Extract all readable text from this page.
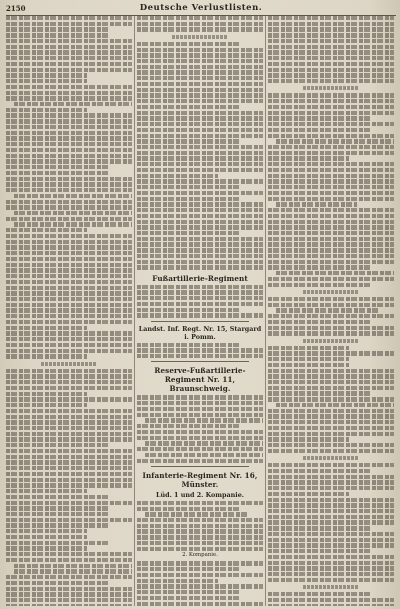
2150	Deutsche Verlustlisten.
Fußartillerie-Regiment
Landst. Inf. Regt. Nr. 15, Stargard i. Pomm.
Reserve-Fußartillerie-Regiment Nr. 11, Braunschweig.
Infanterie-Regiment Nr. 16, Münster.
Lüd. 1 und 2. Kompanie.
2. Kompanie.
